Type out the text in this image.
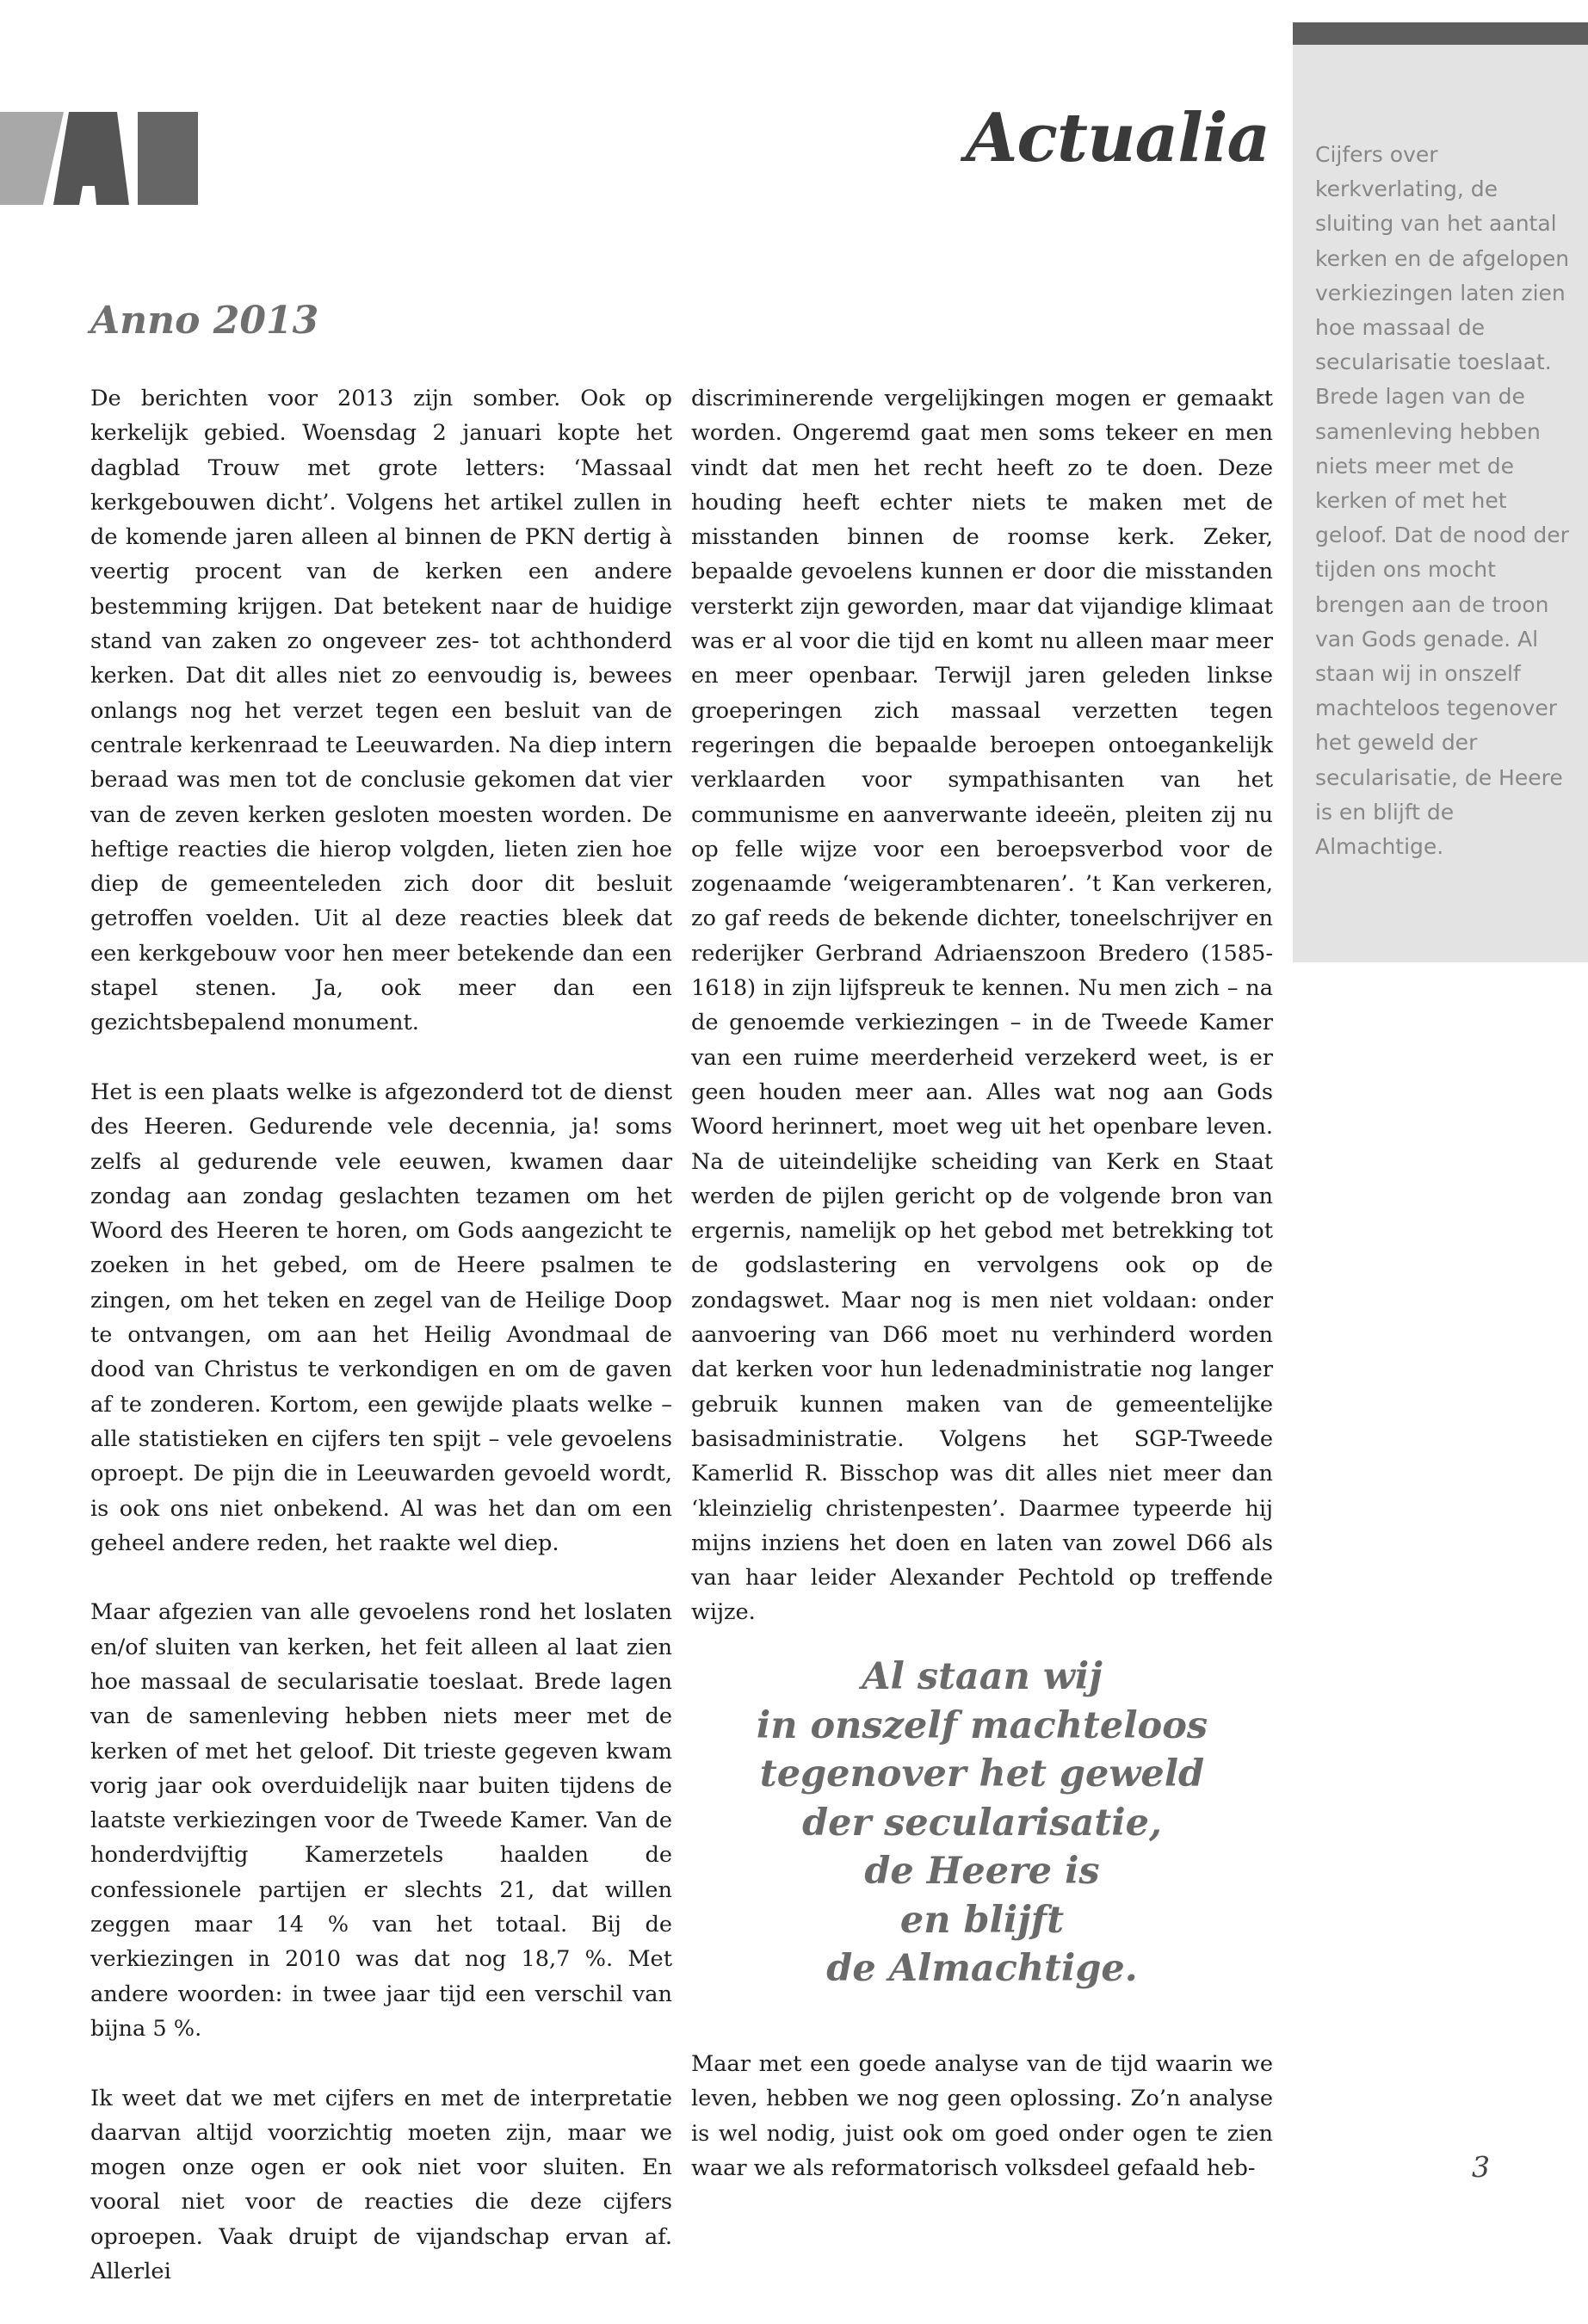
Actualia Cijfers over kerkverlating, de sluiting van het aantal kerken en de afgelopen verkiezingen laten zien hoe massaal de secularisatie toeslaat. Brede lagen van de samenleving hebben niets meer met de kerken of met het geloof. Dat de nood der tijden ons mocht brengen aan de troon van Gods genade. Al staan wij in onszelf machteloos tegenover het geweld der secularisatie, de Heere is en blijft de Almachtige.

Anno 2013

De berichten voor 2013 zijn somber. Ook op kerkelijk gebied. Woensdag 2 januari kopte het dagblad Trouw met grote letters: ‘Massaal kerkgebouwen dicht’. Volgens het artikel zullen in de komende jaren alleen al binnen de PKN dertig à veertig procent van de kerken een andere bestemming krijgen. Dat betekent naar de huidige stand van zaken zo ongeveer zes- tot achthonderd kerken. Dat dit alles niet zo eenvoudig is, bewees onlangs nog het verzet tegen een besluit van de centrale kerkenraad te Leeuwarden. Na diep intern beraad was men tot de conclusie gekomen dat vier van de zeven kerken gesloten moesten worden. De heftige reacties die hierop volgden, lieten zien hoe diep de gemeenteleden zich door dit besluit getroffen voelden. Uit al deze reacties bleek dat een kerkgebouw voor hen meer betekende dan een stapel stenen. Ja, ook meer dan een gezichtsbepalend monument.

Het is een plaats welke is afgezonderd tot de dienst des Heeren. Gedurende vele decennia, ja! soms zelfs al gedurende vele eeuwen, kwamen daar zondag aan zondag geslachten tezamen om het Woord des Heeren te horen, om Gods aangezicht te zoeken in het gebed, om de Heere psalmen te zingen, om het teken en zegel van de Heilige Doop te ontvangen, om aan het Heilig Avondmaal de dood van Christus te verkondigen en om de gaven af te zonderen. Kortom, een gewijde plaats welke – alle statistieken en cijfers ten spijt – vele gevoelens oproept. De pijn die in Leeuwarden gevoeld wordt, is ook ons niet onbekend. Al was het dan om een geheel andere reden, het raakte wel diep.

Maar afgezien van alle gevoelens rond het loslaten en/of sluiten van kerken, het feit alleen al laat zien hoe massaal de secularisatie toeslaat. Brede lagen van de samenleving hebben niets meer met de kerken of met het geloof. Dit trieste gegeven kwam vorig jaar ook overduidelijk naar buiten tijdens de laatste verkiezingen voor de Tweede Kamer. Van de honderdvijftig Kamerzetels haalden de confessionele partijen er slechts 21, dat willen zeggen maar 14 % van het totaal. Bij de verkiezingen in 2010 was dat nog 18,7 %. Met andere woorden: in twee jaar tijd een verschil van bijna 5 %.

Ik weet dat we met cijfers en met de interpretatie daarvan altijd voorzichtig moeten zijn, maar we mogen onze ogen er ook niet voor sluiten. En vooral niet voor de reacties die deze cijfers oproepen. Vaak druipt de vijandschap ervan af. Allerlei

discriminerende vergelijkingen mogen er gemaakt worden. Ongeremd gaat men soms tekeer en men vindt dat men het recht heeft zo te doen. Deze houding heeft echter niets te maken met de misstanden binnen de roomse kerk. Zeker, bepaalde gevoelens kunnen er door die misstanden versterkt zijn geworden, maar dat vijandige klimaat was er al voor die tijd en komt nu alleen maar meer en meer openbaar. Terwijl jaren geleden linkse groeperingen zich massaal verzetten tegen regeringen die bepaalde beroepen ontoegankelijk verklaarden voor sympathisanten van het communisme en aanverwante ideeën, pleiten zij nu op felle wijze voor een beroepsverbod voor de zogenaamde ‘weigerambtenaren’. ’t Kan verkeren, zo gaf reeds de bekende dichter, toneelschrijver en rederijker Gerbrand Adriaenszoon Bredero (1585-1618) in zijn lijfspreuk te kennen. Nu men zich – na de genoemde verkiezingen – in de Tweede Kamer van een ruime meerderheid verzekerd weet, is er geen houden meer aan. Alles wat nog aan Gods Woord herinnert, moet weg uit het openbare leven. Na de uiteindelijke scheiding van Kerk en Staat werden de pijlen gericht op de volgende bron van ergernis, namelijk op het gebod met betrekking tot de godslastering en vervolgens ook op de zondagswet. Maar nog is men niet voldaan: onder aanvoering van D66 moet nu verhinderd worden dat kerken voor hun ledenadministratie nog langer gebruik kunnen maken van de gemeentelijke basisadministratie. Volgens het SGP-Tweede Kamerlid R. Bisschop was dit alles niet meer dan ‘kleinzielig christenpesten’. Daarmee typeerde hij mijns inziens het doen en laten van zowel D66 als van haar leider Alexander Pechtold op treffende wijze.

Al staan wij
in onszelf machteloos
tegenover het geweld
der secularisatie,
de Heere is
en blijft
de Almachtige.

Maar met een goede analyse van de tijd waarin we leven, hebben we nog geen oplossing. Zo’n analyse is wel nodig, juist ook om goed onder ogen te zien waar we als reformatorisch volksdeel gefaald heb-	3
